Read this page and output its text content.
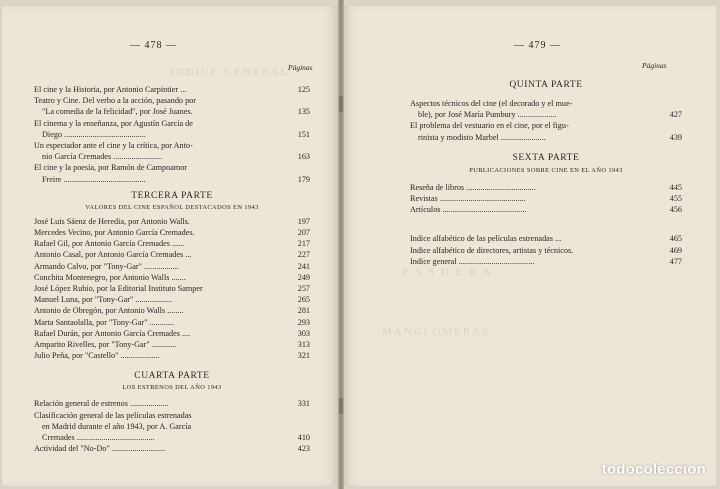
INDICE GENERAL
— 478 —
Páginas
El cine y la Historia, por Antonio Carpintier ...	125
Teatro y Cine. Del verbo a la acción, pasando por
"La comedia de la felicidad", por José Juanes.	135
El cinema y la enseñanza, por Agustín García de
Diego ........................................	151
Un espectador ante el cine y la crítica, por Anto-
nio García Cremades ........................	163
El cine y la poesía, por Ramón de Campoamor
Freire ........................................	179
TERCERA PARTE
VALORES DEL CINE ESPAÑOL DESTACADOS EN 1943
José Luis Sáenz de Heredia, por Antonio Walls.	197
Mercedes Vecino, por Antonio García Cremades.	207
Rafael Gil, por Antonio García Cremades ......	217
Antonio Casal, por Antonio García Cremades ...	227
Armando Calvo, por "Tony-Gar" .................	241
Conchita Montenegro, por Antonio Walls .......	249
José López Rubio, por la Editorial Instituto Samper	257
Manuel Luna, por "Tony-Gar" ..................	265
Antonio de Obregón, por Antonio Walls ........	281
Marta Santaolalla, por "Tony-Gar" ............	293
Rafael Durán, por Antonio García Cremades ....	303
Amparito Rivelles, por "Tony-Gar" ............	313
Julio Peña, por "Castello" ...................	321
CUARTA PARTE
LOS ESTRENOS DEL AÑO 1943
Relación general de estrenos ...................	331
Clasificación general de las películas estrenadas
en Madrid durante el año 1943, por A. García
Cremades ......................................	410
Actividad del "No-Do" ..........................	423
P A S D E R A
MANGLOMERAS
— 479 —
Páginas
QUINTA PARTE
Aspectos técnicos del cine (el decorado y el mue-
ble), por José María Pumbury ...................	427
El problema del vestuario en el cine, por el figu-
rinista y modisto Marbel ......................	439
SEXTA PARTE
PUBLICACIONES SOBRE CINE EN EL AÑO 1943
Reseña de libros ..................................	445
Revistas ..........................................	455
Artículos .........................................	456
Indice alfabético de las películas estrenadas ...	465
Indice alfabético de directores, artistas y técnicos.	469
Indice general .....................................	477
todocoleccion
